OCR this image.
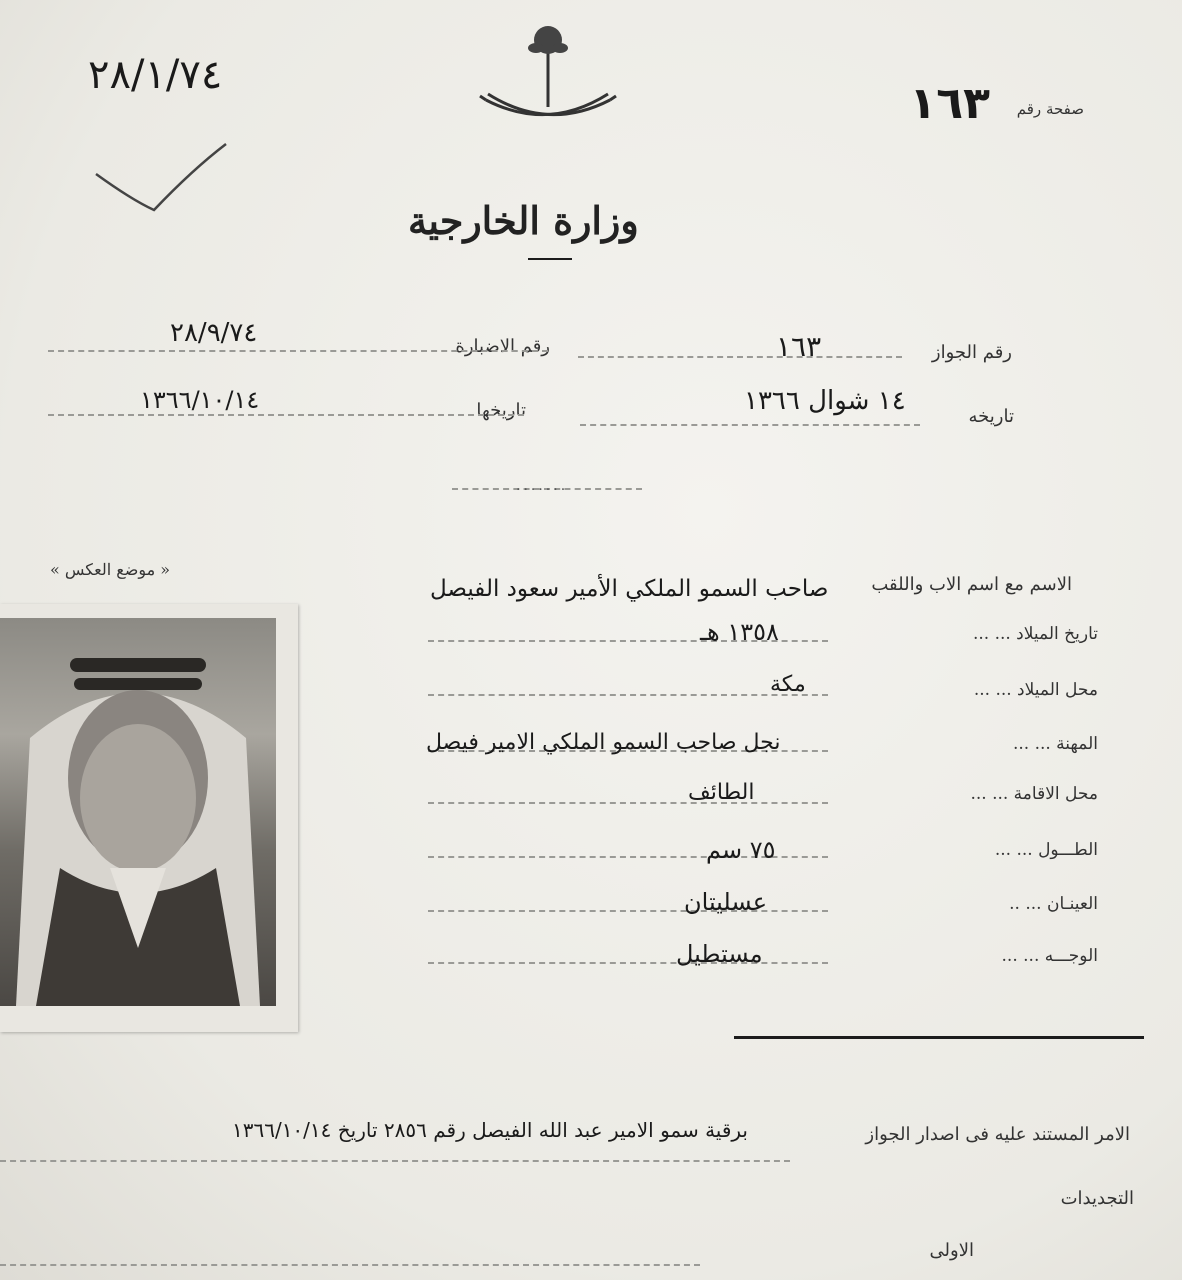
٢٨/١/٧٤
صفحة رقم
١٦٣
وزارة الخارجية
رقم الاضبارة
٢٨/٩/٧٤
رقم الجواز
١٦٣
تاريخها
١٣٦٦/١٠/١٤
تاريخه
١٤ شوال ١٣٦٦
.......
« موضع العكس »
الاسم مع اسم الاب واللقب
صاحب السمو الملكي الأمير سعود الفيصل
تاريخ الميلاد ... ...
١٣٥٨ هـ
محل الميلاد ... ...
مكة
المهنة ... ...
نجل صاحب السمو الملكي الامير فيصل
محل الاقامة ... ...
الطائف
الطـــول ... ...
٧٥ سم
العينـان ... ..
عسليتان
الوجـــه ... ...
مستطيل
الامر المستند عليه فى اصدار الجواز
برقية سمو الامير عبد الله الفيصل رقم ٢٨٥٦ تاريخ ١٣٦٦/١٠/١٤
التجديدات
الاولى
